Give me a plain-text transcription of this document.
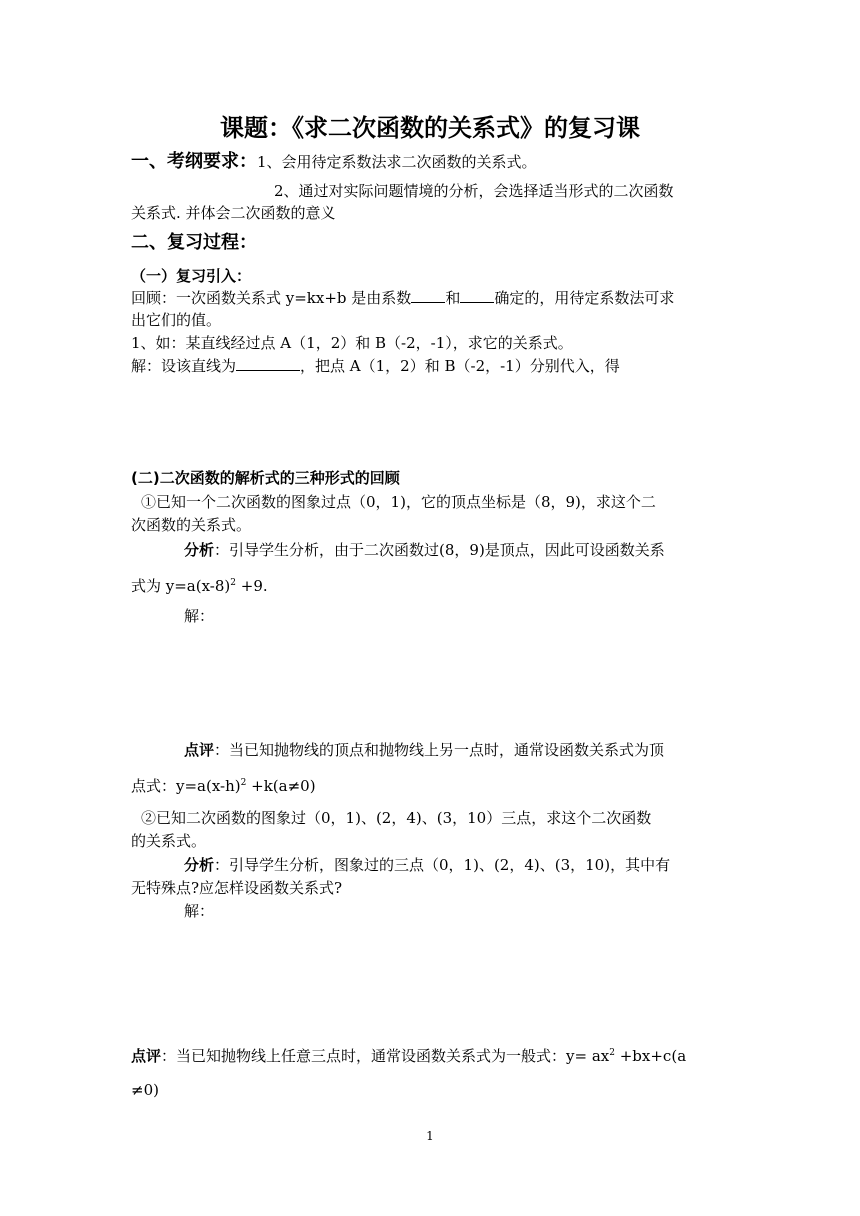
课题：《求二次函数的关系式》的复习课
一、考纲要求：1、会用待定系数法求二次函数的关系式。
2、通过对实际问题情境的分析，会选择适当形式的二次函数
关系式. 并体会二次函数的意义
二、复习过程：
（一）复习引入：
回顾：一次函数关系式 y=kx+b 是由系数 和 确定的，用待定系数法可求
出它们的值。
1、如：某直线经过点 A（1，2）和 B（-2，-1），求它的关系式。
解：设该直线为	，把点 A（1，2）和 B（-2，-1）分别代入，得
(二)二次函数的解析式的三种形式的回顾
①已知一个二次函数的图象过点（0，1)，它的顶点坐标是（8，9)，求这个二
次函数的关系式。
分析：引导学生分析，由于二次函数过(8，9)是顶点，因此可设函数关系
式为 $y=a(x-8)^2 +9$.
解：
点评：当已知抛物线的顶点和抛物线上另一点时，通常设函数关系式为顶
点式：$y=a(x-h)^2 +k(a\ne 0)$
②已知二次函数的图象过（0，1)、(2，4)、(3，10）三点，求这个二次函数
的关系式。
分析：引导学生分析，图象过的三点（0，1)、(2，4)、(3，10)，其中有
无特殊点?应怎样设函数关系式?
解：
点评：当已知抛物线上任意三点时，通常设函数关系式为一般式：$y= ax^2 +bx+c(a$
≠0)
1
